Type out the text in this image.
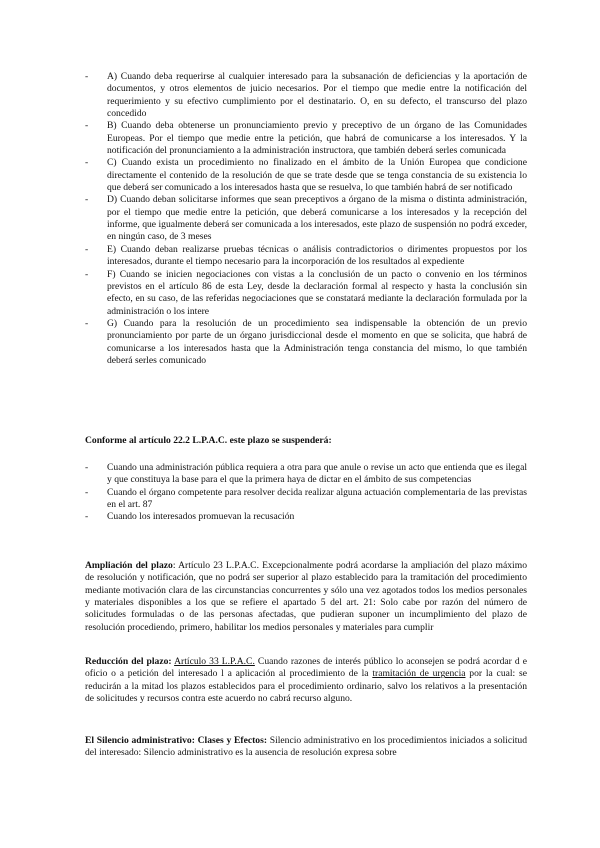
- A) Cuando deba requerirse al cualquier interesado para la subsanación de deficiencias y la aportación de documentos, y otros elementos de juicio necesarios. Por el tiempo que medie entre la notificación del requerimiento y su efectivo cumplimiento por el destinatario. O, en su defecto, el transcurso del plazo concedido
- B) Cuando deba obtenerse un pronunciamiento previo y preceptivo de un órgano de las Comunidades Europeas. Por el tiempo que medie entre la petición, que habrá de comunicarse a los interesados. Y la notificación del pronunciamiento a la administración instructora, que también deberá serles comunicada
- C) Cuando exista un procedimiento no finalizado en el ámbito de la Unión Europea que condicione directamente el contenido de la resolución de que se trate desde que se tenga constancia de su existencia lo que deberá ser comunicado a los interesados hasta que se resuelva, lo que también habrá de ser notificado
- D) Cuando deban solicitarse informes que sean preceptivos a órgano de la misma o distinta administración, por el tiempo que medie entre la petición, que deberá comunicarse a los interesados y la recepción del informe, que igualmente deberá ser comunicada a los interesados, este plazo de suspensión no podrá exceder, en ningún caso, de 3 meses
- E) Cuando deban realizarse pruebas técnicas o análisis contradictorios o dirimentes propuestos por los interesados, durante el tiempo necesario para la incorporación de los resultados al expediente
- F) Cuando se inicien negociaciones con vistas a la conclusión de un pacto o convenio en los términos previstos en el artículo 86 de esta Ley, desde la declaración formal al respecto y hasta la conclusión sin efecto, en su caso, de las referidas negociaciones que se constatará mediante la declaración formulada por la administración o los intere
- G) Cuando para la resolución de un procedimiento sea indispensable la obtención de un previo pronunciamiento por parte de un órgano jurisdiccional desde el momento en que se solicita, que habrá de comunicarse a los interesados hasta que la Administración tenga constancia del mismo, lo que también deberá serles comunicado

Conforme al artículo 22.2 L.P.A.C. este plazo se suspenderá:

- Cuando una administración pública requiera a otra para que anule o revise un acto que entienda que es ilegal y que constituya la base para el que la primera haya de dictar en el ámbito de sus competencias
- Cuando el órgano competente para resolver decida realizar alguna actuación complementaria de las previstas en el art. 87
- Cuando los interesados promuevan la recusación

Ampliación del plazo: Artículo 23 L.P.A.C. Excepcionalmente podrá acordarse la ampliación del plazo máximo de resolución y notificación, que no podrá ser superior al plazo establecido para la tramitación del procedimiento mediante motivación clara de las circunstancias concurrentes y sólo una vez agotados todos los medios personales y materiales disponibles a los que se refiere el apartado 5 del art. 21: Solo cabe por razón del número de solicitudes formuladas o de las personas afectadas, que pudieran suponer un incumplimiento del plazo de resolución procediendo, primero, habilitar los medios personales y materiales para cumplir

Reducción del plazo: Artículo 33 L.P.A.C. Cuando razones de interés público lo aconsejen se podrá acordar d e oficio o a petición del interesado l a aplicación al procedimiento de la tramitación de urgencia por la cual: se reducirán a la mitad los plazos establecidos para el procedimiento ordinario, salvo los relativos a la presentación de solicitudes y recursos contra este acuerdo no cabrá recurso alguno.

El Silencio administrativo: Clases y Efectos: Silencio administrativo en los procedimientos iniciados a solicitud del interesado: Silencio administrativo es la ausencia de resolución expresa sobre
